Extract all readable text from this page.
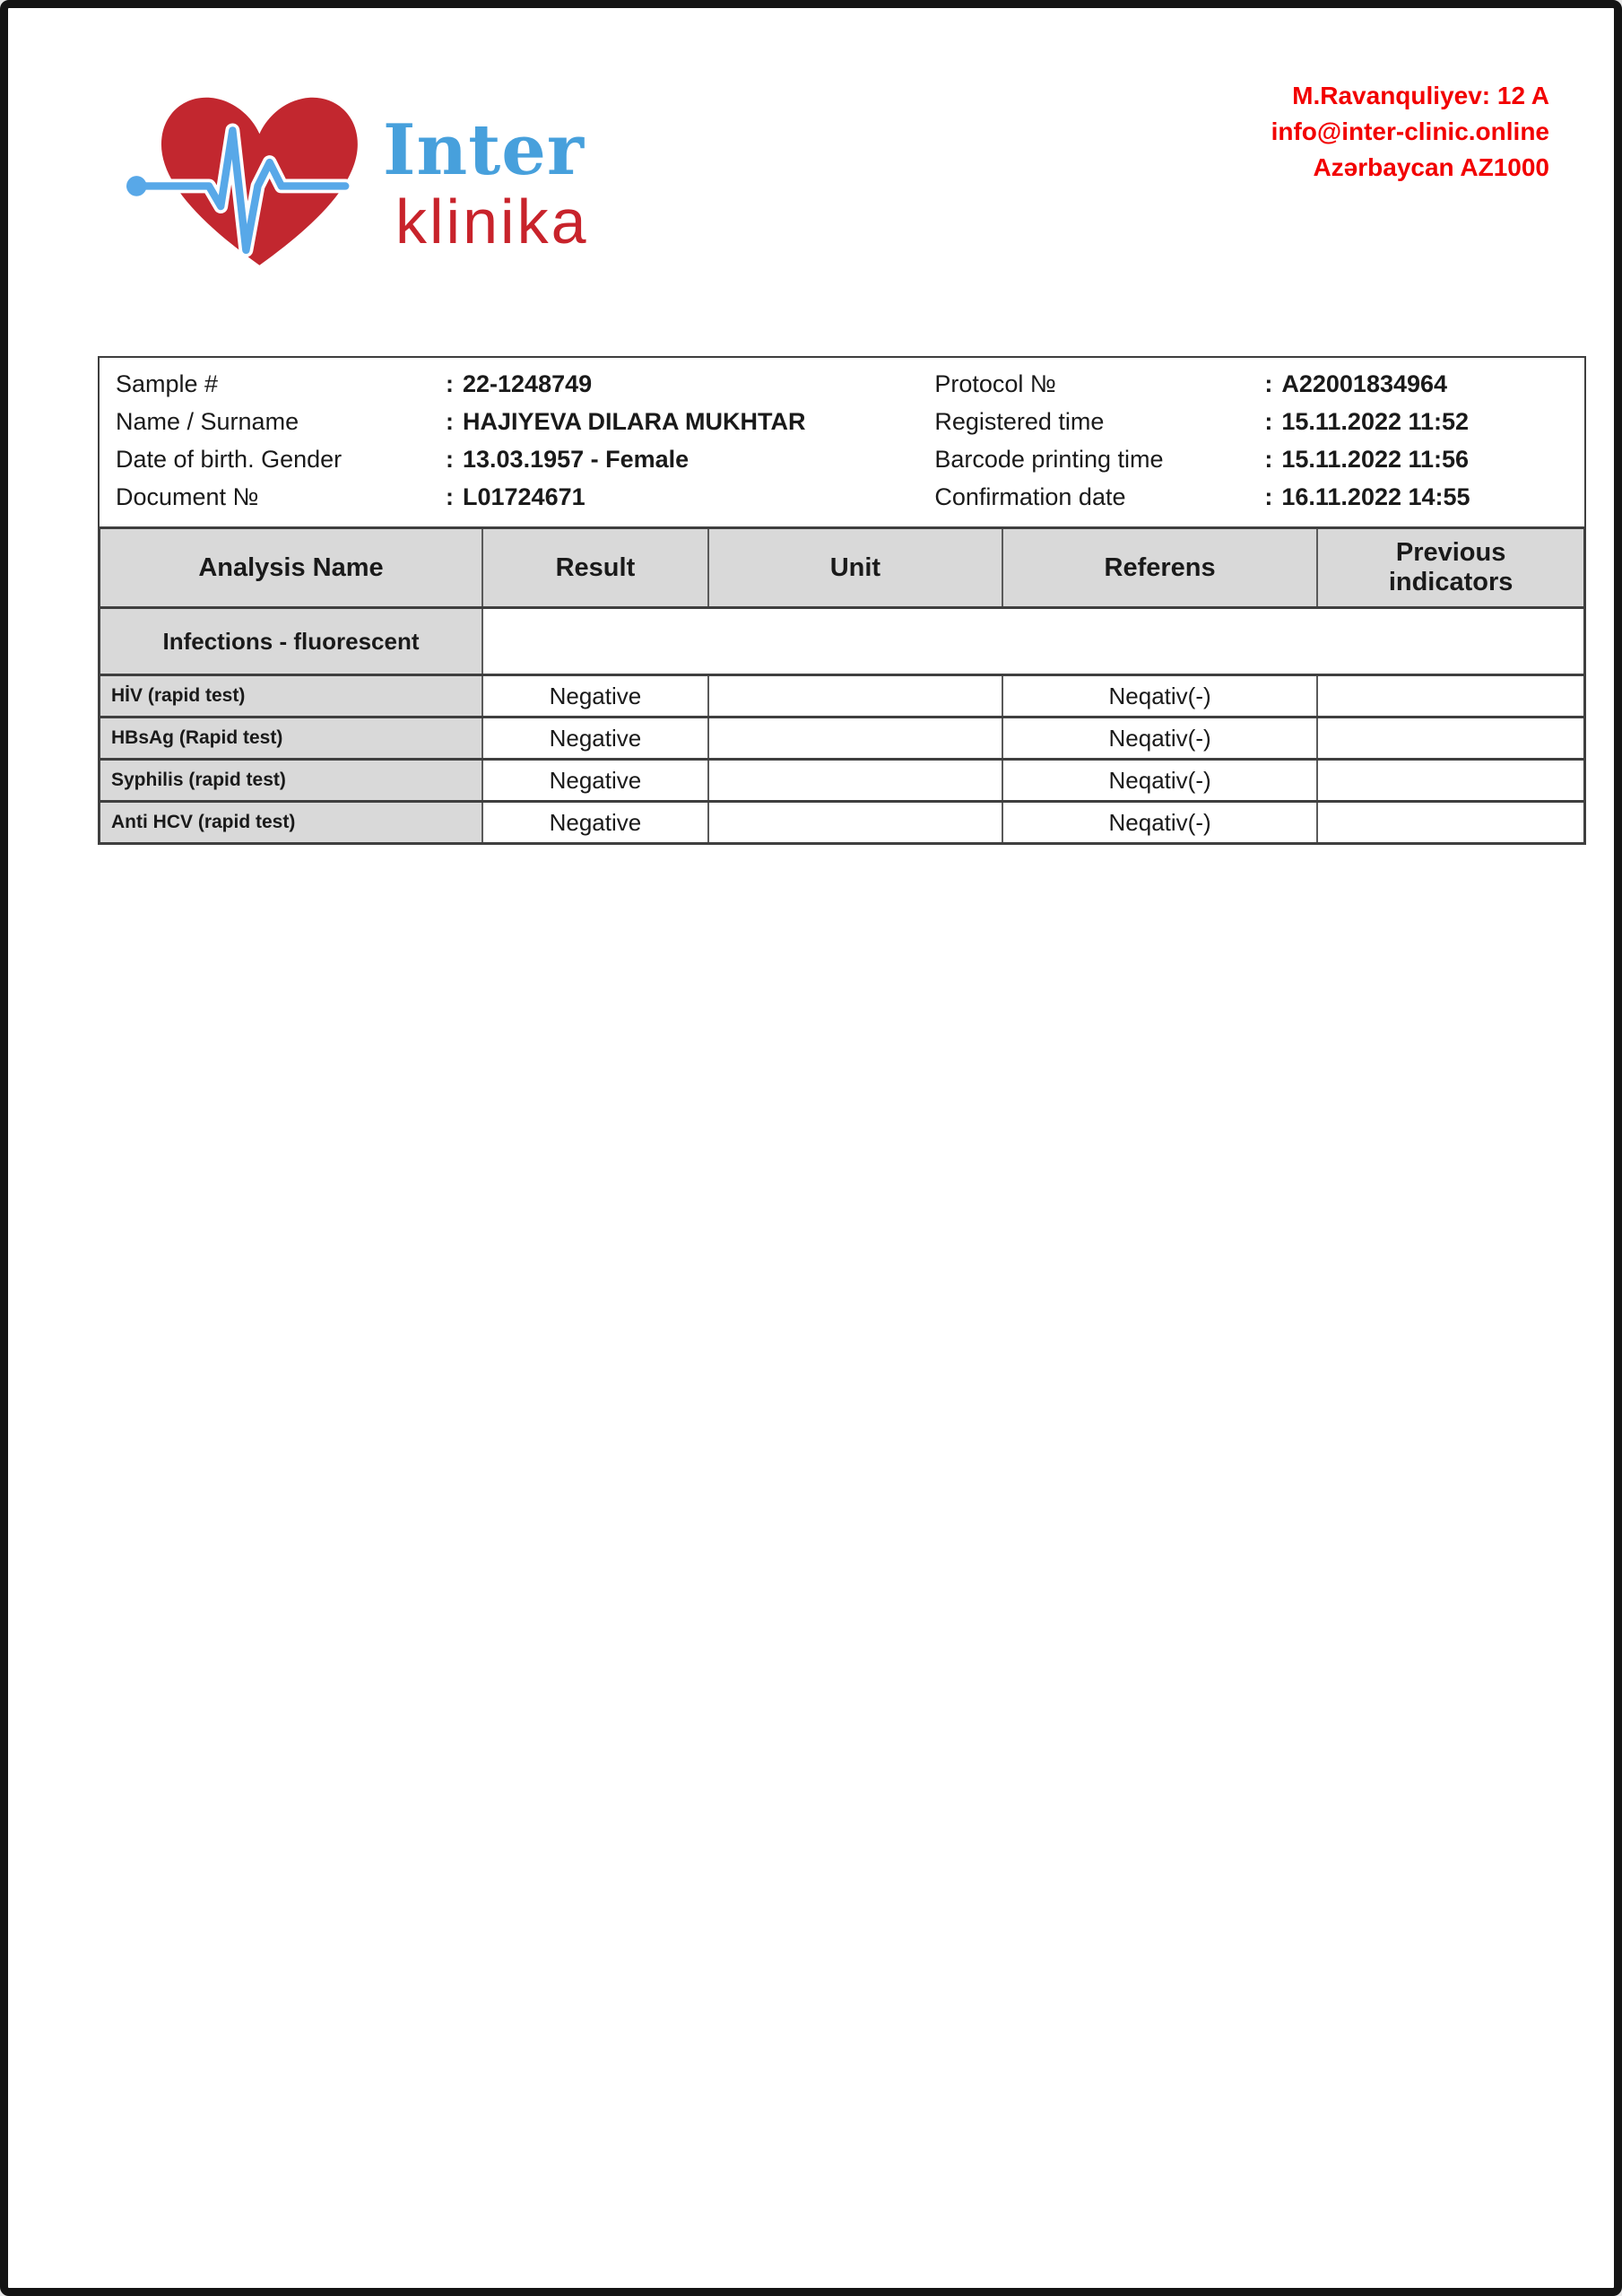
Inter
klinika
M.Ravanquliyev: 12 A
info@inter-clinic.online
Azərbaycan AZ1000
Sample #	: 22-1248749
Name / Surname	: HAJIYEVA DILARA MUKHTAR
Date of birth. Gender	: 13.03.1957 - Female
Document №	: L01724671
Protocol №	: A22001834964
Registered time	: 15.11.2022 11:52
Barcode printing time	: 15.11.2022 11:56
Confirmation date	: 16.11.2022 14:55
Analysis Name	Result	Unit	Referens	Previous indicators
Infections - fluorescent				
HİV (rapid test)	Negative		Neqativ(-)	
HBsAg (Rapid test)	Negative		Neqativ(-)	
Syphilis (rapid test)	Negative		Neqativ(-)	
Anti HCV (rapid test)	Negative		Neqativ(-)	
